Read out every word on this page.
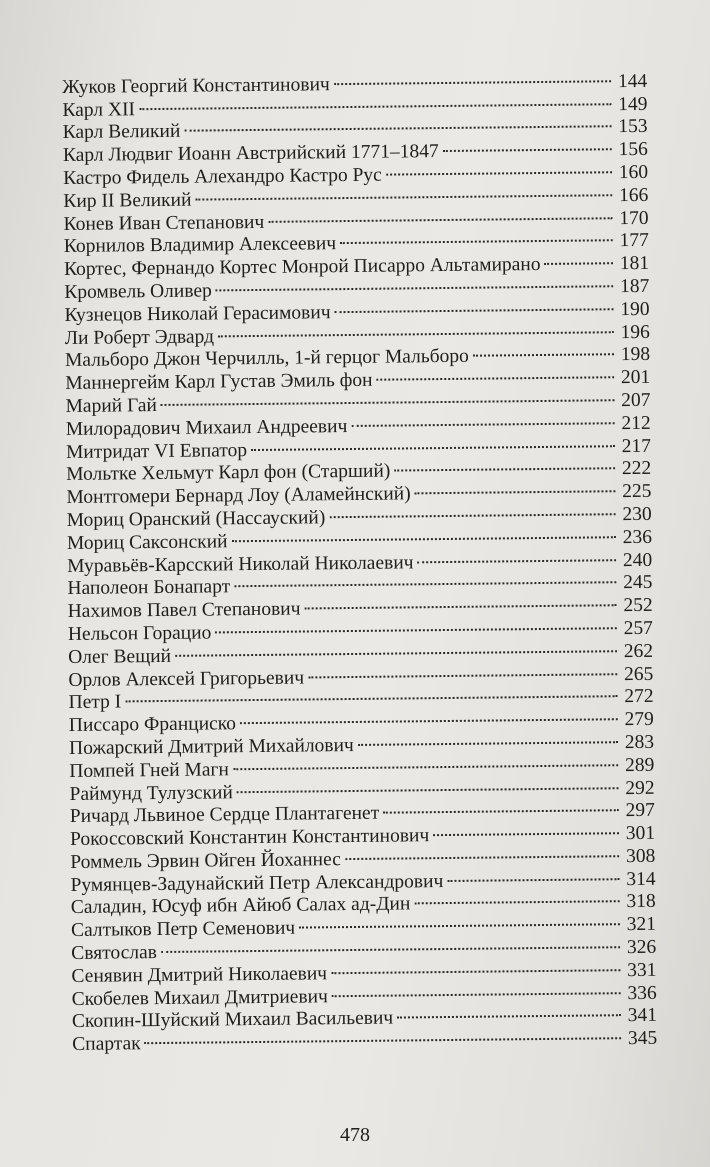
Жуков Георгий Константинович	144
Карл XII	149
Карл Великий	153
Карл Людвиг Иоанн Австрийский 1771–1847	156
Кастро Фидель Алехандро Кастро Рус	160
Кир II Великий	166
Конев Иван Степанович	170
Корнилов Владимир Алексеевич	177
Кортес, Фернандо Кортес Монрой Писарро Альтамирано	181
Кромвель Оливер	187
Кузнецов Николай Герасимович	190
Ли Роберт Эдвард	196
Мальборо Джон Черчилль, 1-й герцог Мальборо	198
Маннергейм Карл Густав Эмиль фон	201
Марий Гай	207
Милорадович Михаил Андреевич	212
Митридат VI Евпатор	217
Мольтке Хельмут Карл фон (Старший)	222
Монтгомери Бернард Лоу (Аламейнский)	225
Мориц Оранский (Нассауский)	230
Мориц Саксонский	236
Муравьёв-Карсский Николай Николаевич	240
Наполеон Бонапарт	245
Нахимов Павел Степанович	252
Нельсон Горацио	257
Олег Вещий	262
Орлов Алексей Григорьевич	265
Петр I	272
Писсаро Франциско	279
Пожарский Дмитрий Михайлович	283
Помпей Гней Магн	289
Раймунд Тулузский	292
Ричард Львиное Сердце Плантагенет	297
Рокоссовский Константин Константинович	301
Роммель Эрвин Ойген Йоханнес	308
Румянцев-Задунайский Петр Александрович	314
Саладин, Юсуф ибн Айюб Салах ад-Дин	318
Салтыков Петр Семенович	321
Святослав	326
Сенявин Дмитрий Николаевич	331
Скобелев Михаил Дмитриевич	336
Скопин-Шуйский Михаил Васильевич	341
Спартак	345
478
